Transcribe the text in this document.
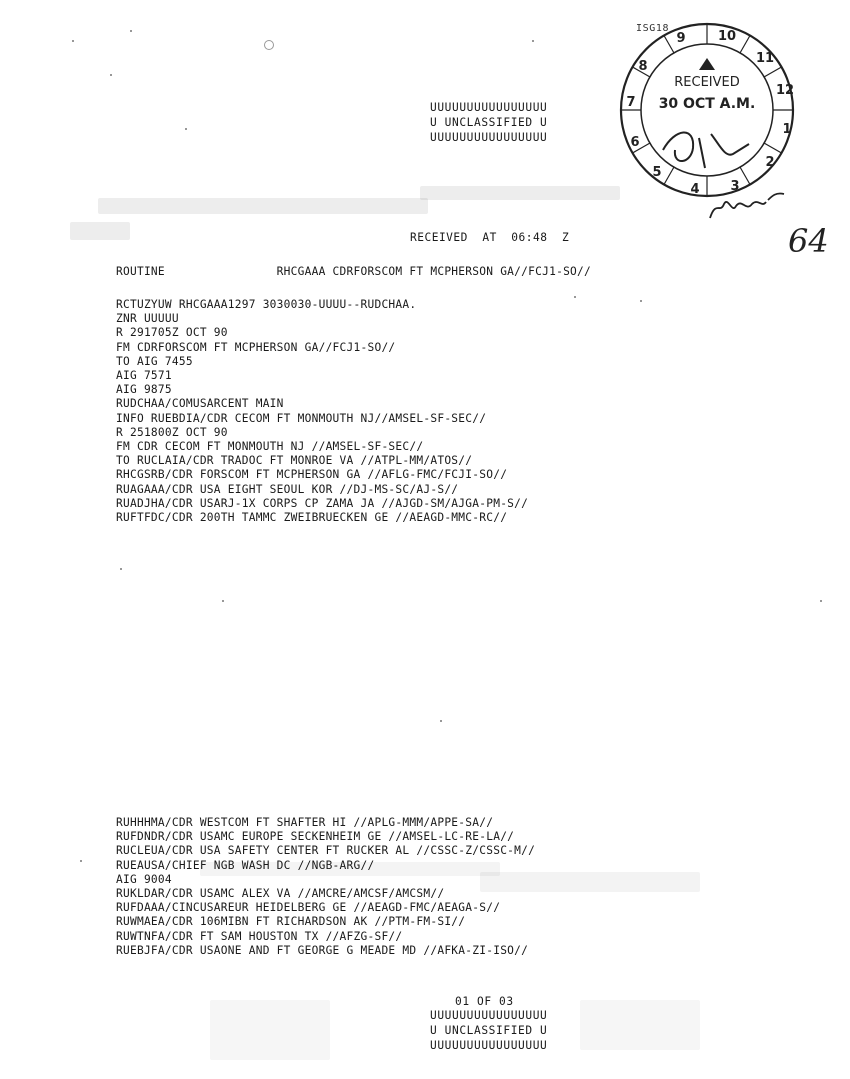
ISG18
UUUUUUUUUUUUUUUU
U UNCLASSIFIED U
UUUUUUUUUUUUUUUU
10
11
12
1
2
3
4
5
6
7
8
9
RECEIVED
30 OCT A.M.
64
RECEIVED  AT  06:48  Z
ROUTINE                RHCGAAA CDRFORSCOM FT MCPHERSON GA//FCJ1-SO//
RCTUZYUW RHCGAAA1297 3030030-UUUU--RUDCHAA.
ZNR UUUUU
R 291705Z OCT 90
FM CDRFORSCOM FT MCPHERSON GA//FCJ1-SO//
TO AIG 7455
AIG 7571
AIG 9875
RUDCHAA/COMUSARCENT MAIN
INFO RUEBDIA/CDR CECOM FT MONMOUTH NJ//AMSEL-SF-SEC//
R 251800Z OCT 90
FM CDR CECOM FT MONMOUTH NJ //AMSEL-SF-SEC//
TO RUCLAIA/CDR TRADOC FT MONROE VA //ATPL-MM/ATOS//
RHCGSRB/CDR FORSCOM FT MCPHERSON GA //AFLG-FMC/FCJI-SO//
RUAGAAA/CDR USA EIGHT SEOUL KOR //DJ-MS-SC/AJ-S//
RUADJHA/CDR USARJ-1X CORPS CP ZAMA JA //AJGD-SM/AJGA-PM-S//
RUFTFDC/CDR 200TH TAMMC ZWEIBRUECKEN GE //AEAGD-MMC-RC//
RUHHHMA/CDR WESTCOM FT SHAFTER HI //APLG-MMM/APPE-SA//
RUFDNDR/CDR USAMC EUROPE SECKENHEIM GE //AMSEL-LC-RE-LA//
RUCLEUA/CDR USA SAFETY CENTER FT RUCKER AL //CSSC-Z/CSSC-M//
RUEAUSA/CHIEF NGB WASH DC //NGB-ARG//
AIG 9004
RUKLDAR/CDR USAMC ALEX VA //AMCRE/AMCSF/AMCSM//
RUFDAAA/CINCUSAREUR HEIDELBERG GE //AEAGD-FMC/AEAGA-S//
RUWMAEA/CDR 106MIBN FT RICHARDSON AK //PTM-FM-SI//
RUWTNFA/CDR FT SAM HOUSTON TX //AFZG-SF//
RUEBJFA/CDR USAONE AND FT GEORGE G MEADE MD //AFKA-ZI-ISO//
01 OF 03
UUUUUUUUUUUUUUUU
U UNCLASSIFIED U
UUUUUUUUUUUUUUUU
